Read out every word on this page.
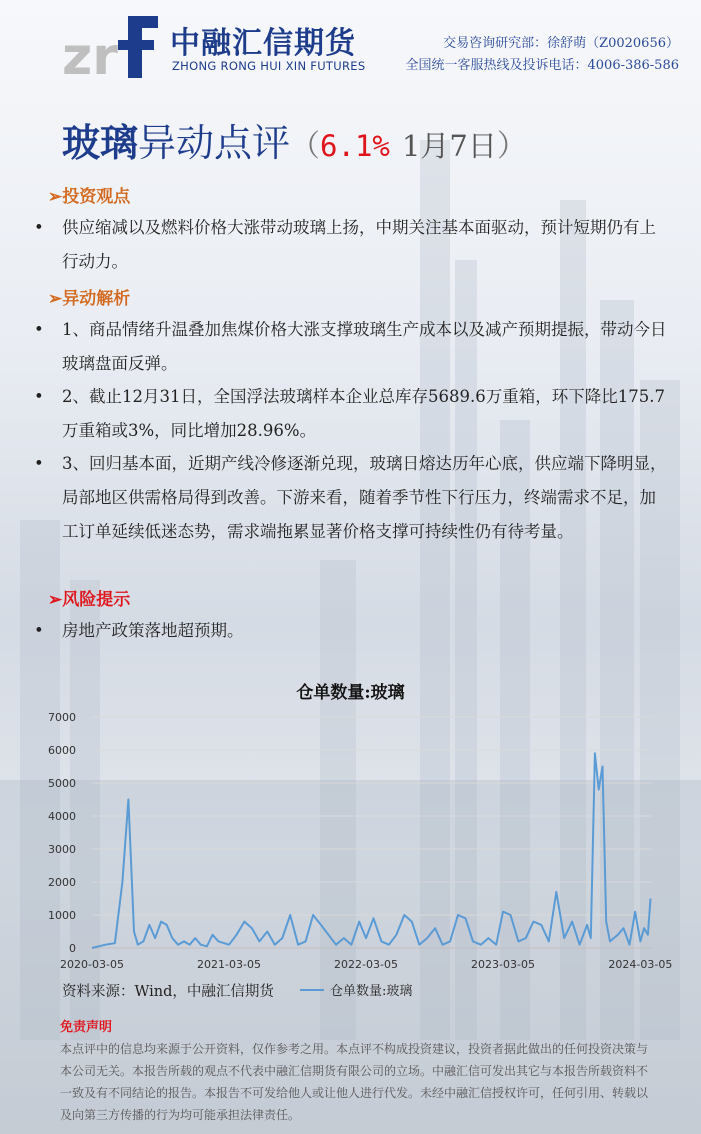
zr 中融汇信期货
ZHONG RONG HUI XIN FUTURES
交易咨询研究部：徐舒萌（Z0020656）
全国统一客服热线及投诉电话：4006-386-586
玻璃异动点评（6.1% 1月7日）
➢投资观点
• 供应缩减以及燃料价格大涨带动玻璃上扬，中期关注基本面驱动，预计短期仍有上行动力。
➢异动解析
• 1、商品情绪升温叠加焦煤价格大涨支撑玻璃生产成本以及减产预期提振，带动今日玻璃盘面反弹。
• 2、截止12月31日，全国浮法玻璃样本企业总库存5689.6万重箱，环下降比175.7万重箱或3%，同比增加28.96%。
• 3、回归基本面，近期产线冷修逐渐兑现，玻璃日熔达历年心底，供应端下降明显，局部地区供需格局得到改善。下游来看，随着季节性下行压力，终端需求不足，加工订单延续低迷态势，需求端拖累显著价格支撑可持续性仍有待考量。
➢风险提示
• 房地产政策落地超预期。
仓单数量:玻璃
0
1000
2000
3000
4000
5000
6000
7000
2020-03-05	2021-03-05	2022-03-05	2023-03-05	2024-03-05
资料来源：Wind，中融汇信期货	仓单数量:玻璃
免责声明
本点评中的信息均来源于公开资料，仅作参考之用。本点评不构成投资建议，投资者据此做出的任何投资决策与本公司无关。本报告所载的观点不代表中融汇信期货有限公司的立场。中融汇信可发出其它与本报告所载资料不一致及有不同结论的报告。本报告不可发给他人或让他人进行代发。未经中融汇信授权许可，任何引用、转载以及向第三方传播的行为均可能承担法律责任。
